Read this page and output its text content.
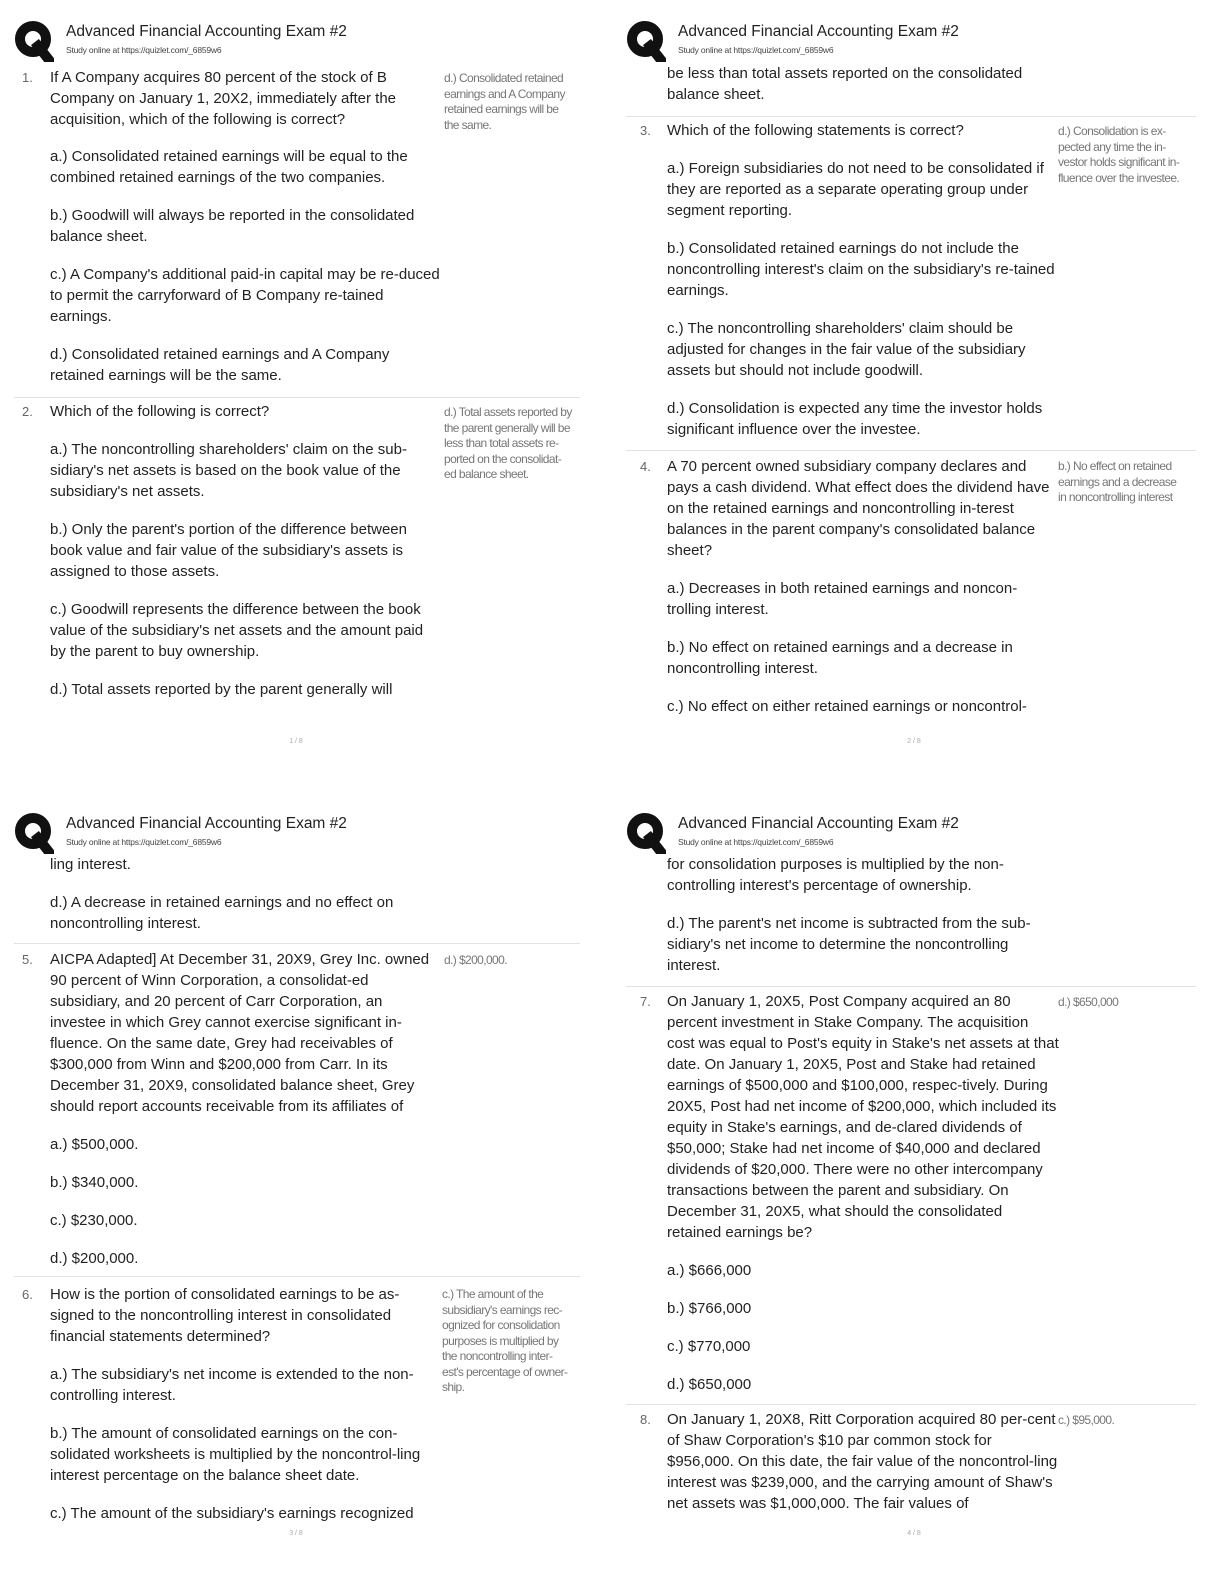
Advanced Financial Accounting Exam #2
Study online at https://quizlet.com/_6859w6
1. If A Company acquires 80 percent of the stock of B Company on January 1, 20X2, immediately after the acquisition, which of the following is correct?
a.) Consolidated retained earnings will be equal to the combined retained earnings of the two companies.
b.) Goodwill will always be reported in the consolidated balance sheet.
c.) A Company's additional paid-in capital may be re-duced to permit the carryforward of B Company re-tained earnings.
d.) Consolidated retained earnings and A Company retained earnings will be the same.
d.) Consolidated retained earnings and A Company retained earnings will be the same.
2. Which of the following is correct?
a.) The noncontrolling shareholders' claim on the sub-sidiary's net assets is based on the book value of the subsidiary's net assets.
b.) Only the parent's portion of the difference between book value and fair value of the subsidiary's assets is assigned to those assets.
c.) Goodwill represents the difference between the book value of the subsidiary's net assets and the amount paid by the parent to buy ownership.
d.) Total assets reported by the parent generally will
d.) Total assets reported by the parent generally will be less than total assets re-ported on the consolidat-ed balance sheet.
1 / 8
Advanced Financial Accounting Exam #2
Study online at https://quizlet.com/_6859w6
be less than total assets reported on the consolidated balance sheet.
3. Which of the following statements is correct?
a.) Foreign subsidiaries do not need to be consolidated if they are reported as a separate operating group under segment reporting.
b.) Consolidated retained earnings do not include the noncontrolling interest's claim on the subsidiary's re-tained earnings.
c.) The noncontrolling shareholders' claim should be adjusted for changes in the fair value of the subsidiary assets but should not include goodwill.
d.) Consolidation is expected any time the investor holds significant influence over the investee.
d.) Consolidation is ex-pected any time the in-vestor holds significant in-fluence over the investee.
4. A 70 percent owned subsidiary company declares and pays a cash dividend. What effect does the dividend have on the retained earnings and noncontrolling in-terest balances in the parent company's consolidated balance sheet?
a.) Decreases in both retained earnings and noncon-trolling interest.
b.) No effect on retained earnings and a decrease in noncontrolling interest.
c.) No effect on either retained earnings or noncontrol-
b.) No effect on retained earnings and a decrease in noncontrolling interest
2 / 8
Advanced Financial Accounting Exam #2
Study online at https://quizlet.com/_6859w6
ling interest.
d.) A decrease in retained earnings and no effect on noncontrolling interest.
5. AICPA Adapted] At December 31, 20X9, Grey Inc. owned 90 percent of Winn Corporation, a consolidat-ed subsidiary, and 20 percent of Carr Corporation, an investee in which Grey cannot exercise significant in-fluence. On the same date, Grey had receivables of $300,000 from Winn and $200,000 from Carr. In its December 31, 20X9, consolidated balance sheet, Grey should report accounts receivable from its affiliates of
a.) $500,000.
b.) $340,000.
c.) $230,000.
d.) $200,000.
d.) $200,000.
6. How is the portion of consolidated earnings to be as-signed to the noncontrolling interest in consolidated financial statements determined?
a.) The subsidiary's net income is extended to the non-controlling interest.
b.) The amount of consolidated earnings on the con-solidated worksheets is multiplied by the noncontrol-ling interest percentage on the balance sheet date.
c.) The amount of the subsidiary's earnings recognized
c.) The amount of the subsidiary's earnings rec-ognized for consolidation purposes is multiplied by the noncontrolling inter-est's percentage of owner-ship.
3 / 8
Advanced Financial Accounting Exam #2
Study online at https://quizlet.com/_6859w6
for consolidation purposes is multiplied by the non-controlling interest's percentage of ownership.
d.) The parent's net income is subtracted from the sub-sidiary's net income to determine the noncontrolling interest.
7. On January 1, 20X5, Post Company acquired an 80 percent investment in Stake Company. The acquisition cost was equal to Post's equity in Stake's net assets at that date. On January 1, 20X5, Post and Stake had retained earnings of $500,000 and $100,000, respec-tively. During 20X5, Post had net income of $200,000, which included its equity in Stake's earnings, and de-clared dividends of $50,000; Stake had net income of $40,000 and declared dividends of $20,000. There were no other intercompany transactions between the parent and subsidiary. On December 31, 20X5, what should the consolidated retained earnings be?
a.) $666,000
b.) $766,000
c.) $770,000
d.) $650,000
d.) $650,000
8. On January 1, 20X8, Ritt Corporation acquired 80 per-cent of Shaw Corporation's $10 par common stock for $956,000. On this date, the fair value of the noncontrol-ling interest was $239,000, and the carrying amount of Shaw's net assets was $1,000,000. The fair values of
c.) $95,000.
4 / 8
